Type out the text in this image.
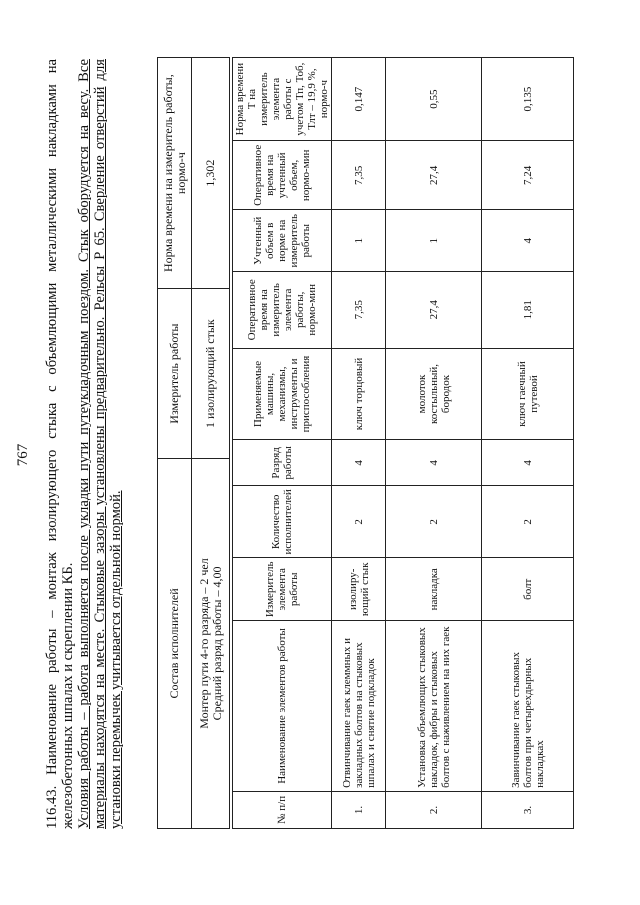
767 116.43. Наименование работы – монтаж изолирующего стыка с объемлющими металлическими накладками на железобетонных шпалах и скреплении КБ. Условия работы – работа выполняется после укладки пути путеукладочным поездом. Стык оборудуется на весу. Все материалы находятся на месте. Стыковые зазоры установлены предварительно. Рельсы Р 65. Сверление отверстий для установки перемычек учитывается отдельной нормой.	Состав исполнителей	Измеритель работы	Норма времени на измеритель работы, нормо-ч

Монтер пути 4-го разряда – 2 чел Средний разряд работы – 4,00	1 изолирующий стык	1,302
№ п/п	Наименование элементов работы	Измеритель элемента работы	Количество исполнителей	Разряд работы	Применяемые машины, механизмы, инструменты и приспособления	Оперативное время на измеритель элемента работы, нормо-мин	Учтенный объем в норме на измеритель работы	Оперативное время на учтенный объем, нормо-мин	Норма времени Т на измеритель элемента работы с учетом Тп, Тоб, Тлт – 19,9 %, нормо-ч
1.	Отвинчивание гаек клеммных и закладных болтов на стыковых шпалах и снятие подкладок	изолиру-ющий стык	2	4	ключ торцовый	7,35	1	7,35	0,147
2.	Установка объемлющих стыковых накладок, фибры и стыковых болтов с наживлением на них гаек	накладка	2	4	молоток костыльный, бородок	27,4	1	27,4	0,55
3.	Завинчивание гаек стыковых болтов при четырехдырных накладках	болт	2	4	ключ гаечный путевой	1,81	4	7,24	0,135
